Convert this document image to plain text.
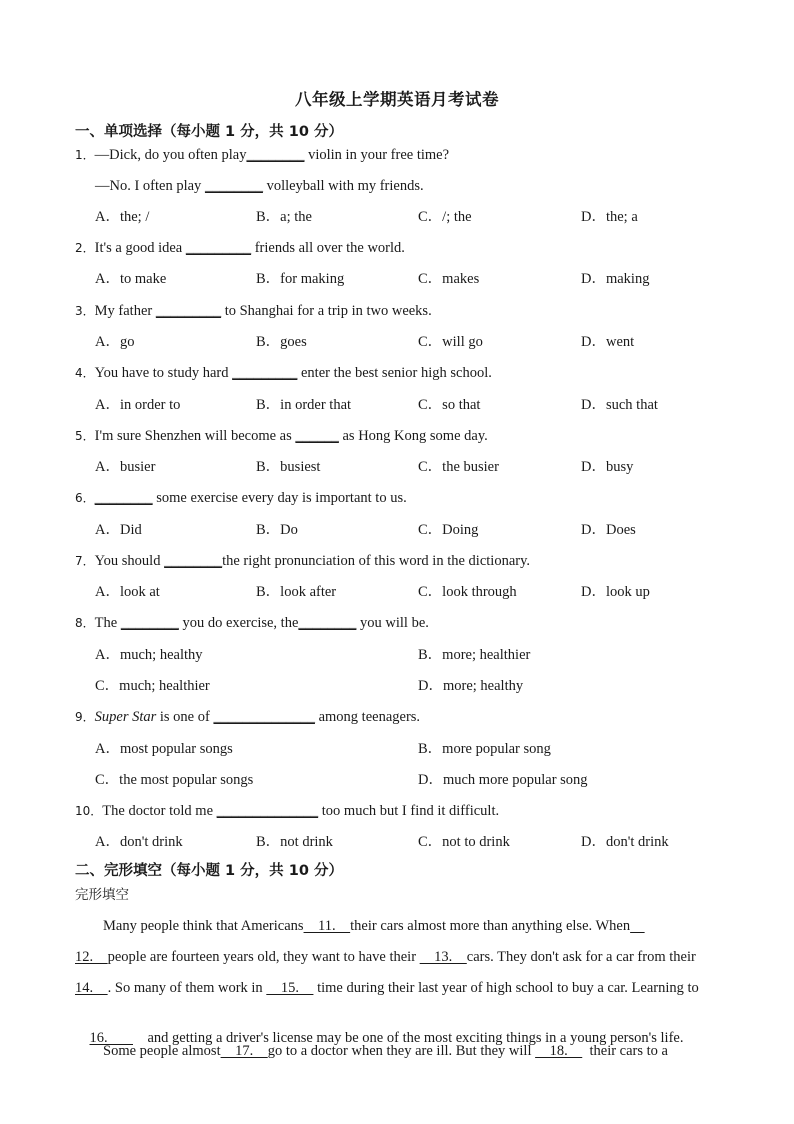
八年级上学期英语月考试卷
一、单项选择（每小题 1 分，共 10 分）
1．—Dick, do you often play________ violin in your free time?
—No. I often play ________ volleyball with my friends.
A．the; /	B．a; the	C．/; the	D．the; a
2．It's a good idea _________ friends all over the world.
A．to make	B．for making	C．makes	D．making
3．My father _________ to Shanghai for a trip in two weeks.
A．go	B．goes	C．will go	D．went
4．You have to study hard _________ enter the best senior high school.
A．in order to	B．in order that	C．so that	D．such that
5．I'm sure Shenzhen will become as ______ as Hong Kong some day.
A．busier	B．busiest	C．the busier	D．busy
6．________ some exercise every day is important to us.
A．Did	B．Do	C．Doing	D．Does
7．You should ________the right pronunciation of this word in the dictionary.
A．look at	B．look after	C．look through	D．look up
8．The ________ you do exercise, the________ you will be.
A．much; healthy	B．more; healthier
C．much; healthier	D．more; healthy
9．Super Star is one of ______________ among teenagers.
A．most popular songs	B．more popular song
C．the most popular songs	D．much more popular song
10．The doctor told me ______________ too much but I find it difficult.
A．don't drink	B．not drink	C．not to drink	D．don't drink
二、完形填空（每小题 1 分，共 10 分）
完形填空
Many people think that Americans    11.    their cars almost more than anything else. When
12.    people are fourteen years old, they want to have their     13.    cars. They don't ask for a car from their
14.    . So many of them work in     15.     time during their last year of high school to buy a car. Learning to

16.           and getting a driver's license may be one of the most exciting things in a young person's life.

Some people almost    17.    go to a doctor when they are ill. But they will     18.      their cars to a
